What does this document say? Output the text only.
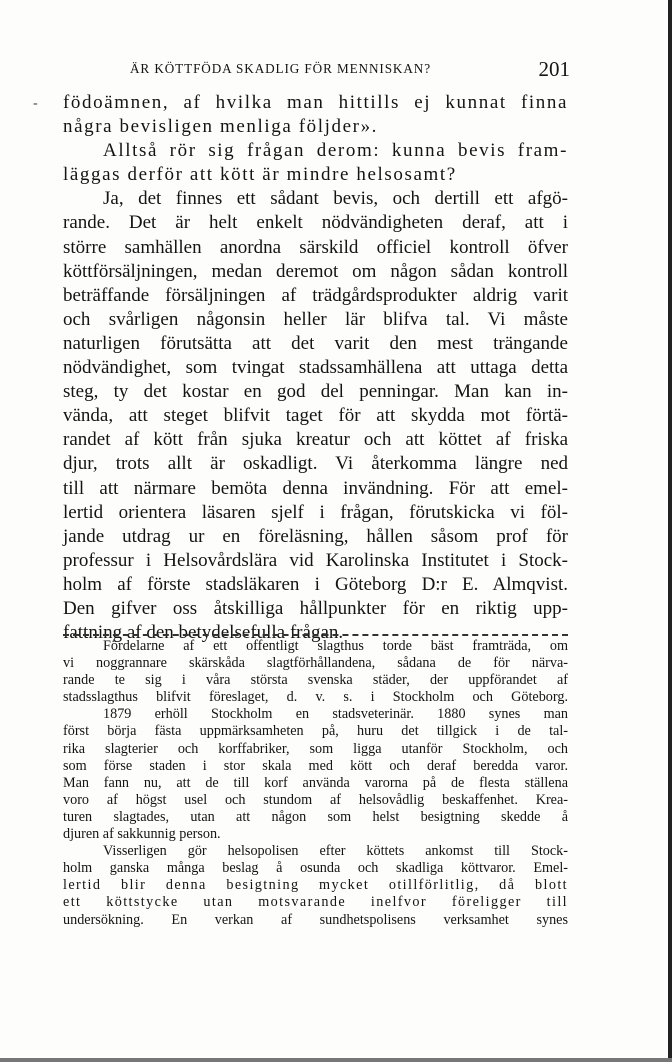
ÄR KÖTTFÖDA SKADLIG FÖR MENNISKAN?	201
- födoämnen, af hvilka man hittills ej kunnat finna
några bevisligen menliga följder».
Alltså rör sig frågan derom: kunna bevis fram-
läggas derför att kött är mindre helsosamt?
Ja, det finnes ett sådant bevis, och dertill ett afgö-
rande. Det är helt enkelt nödvändigheten deraf, att i
större samhällen anordna särskild officiel kontroll öfver
köttförsäljningen, medan deremot om någon sådan kontroll
beträffande försäljningen af trädgårdsprodukter aldrig varit
och svårligen någonsin heller lär blifva tal. Vi måste
naturligen förutsätta att det varit den mest trängande
nödvändighet, som tvingat stadssamhällena att uttaga detta
steg, ty det kostar en god del penningar. Man kan in-
vända, att steget blifvit taget för att skydda mot förtä-
randet af kött från sjuka kreatur och att köttet af friska
djur, trots allt är oskadligt. Vi återkomma längre ned
till att närmare bemöta denna invändning. För att emel-
lertid orientera läsaren sjelf i frågan, förutskicka vi föl-
jande utdrag ur en föreläsning, hållen såsom prof för
professur i Helsovårdslära vid Karolinska Institutet i Stock-
holm af förste stadsläkaren i Göteborg D:r E. Almqvist.
Den gifver oss åtskilliga hållpunkter för en riktig upp-
fattning af den betydelsefulla frågan.
Fördelarne af ett offentligt slagthus torde bäst framträda, om
vi noggrannare skärskåda slagtförhållandena, sådana de för närva-
rande te sig i våra största svenska städer, der uppförandet af
stadsslagthus blifvit föreslaget, d. v. s. i Stockholm och Göteborg.
1879 erhöll Stockholm en stadsveterinär. 1880 synes man
först börja fästa uppmärksamheten på, huru det tillgick i de tal-
rika slagterier och korffabriker, som ligga utanför Stockholm, och
som förse staden i stor skala med kött och deraf beredda varor.
Man fann nu, att de till korf använda varorna på de flesta ställena
voro af högst usel och stundom af helsovådlig beskaffenhet. Krea-
turen slagtades, utan att någon som helst besigtning skedde å
djuren af sakkunnig person.
Visserligen gör helsopolisen efter köttets ankomst till Stock-
holm ganska många beslag å osunda och skadliga köttvaror. Emel-
lertid blir denna besigtning mycket otillförlitlig, då blott
ett köttstycke utan motsvarande inelfvor föreligger till
undersökning. En verkan af sundhetspolisens verksamhet synes
